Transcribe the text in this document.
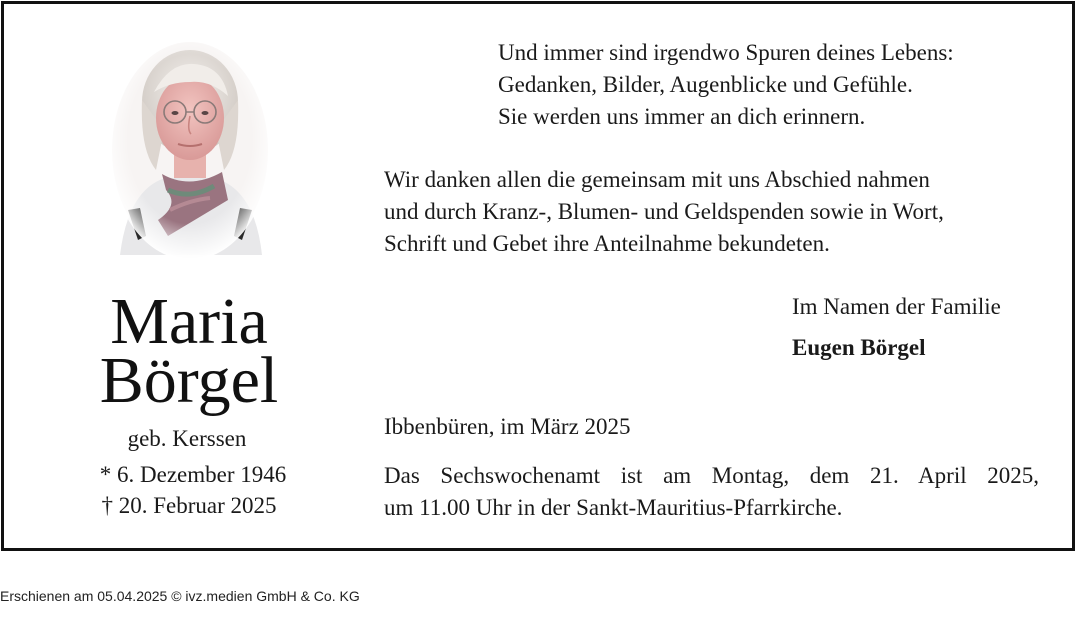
Maria
Börgel
geb. Kerssen
* 6. Dezember 1946
† 20. Februar 2025
Und immer sind irgendwo Spuren deines Lebens:
Gedanken, Bilder, Augenblicke und Gefühle.
Sie werden uns immer an dich erinnern.
Wir danken allen die gemeinsam mit uns Abschied nahmen
und durch Kranz-, Blumen- und Geldspenden sowie in Wort,
Schrift und Gebet ihre Anteilnahme bekundeten.
Im Namen der Familie
Eugen Börgel
Ibbenbüren, im März 2025
Das Sechswochenamt ist am Montag, dem 21. April 2025,
um 11.00 Uhr in der Sankt-Mauritius-Pfarrkirche.
Erschienen am 05.04.2025 © ivz.medien GmbH & Co. KG
